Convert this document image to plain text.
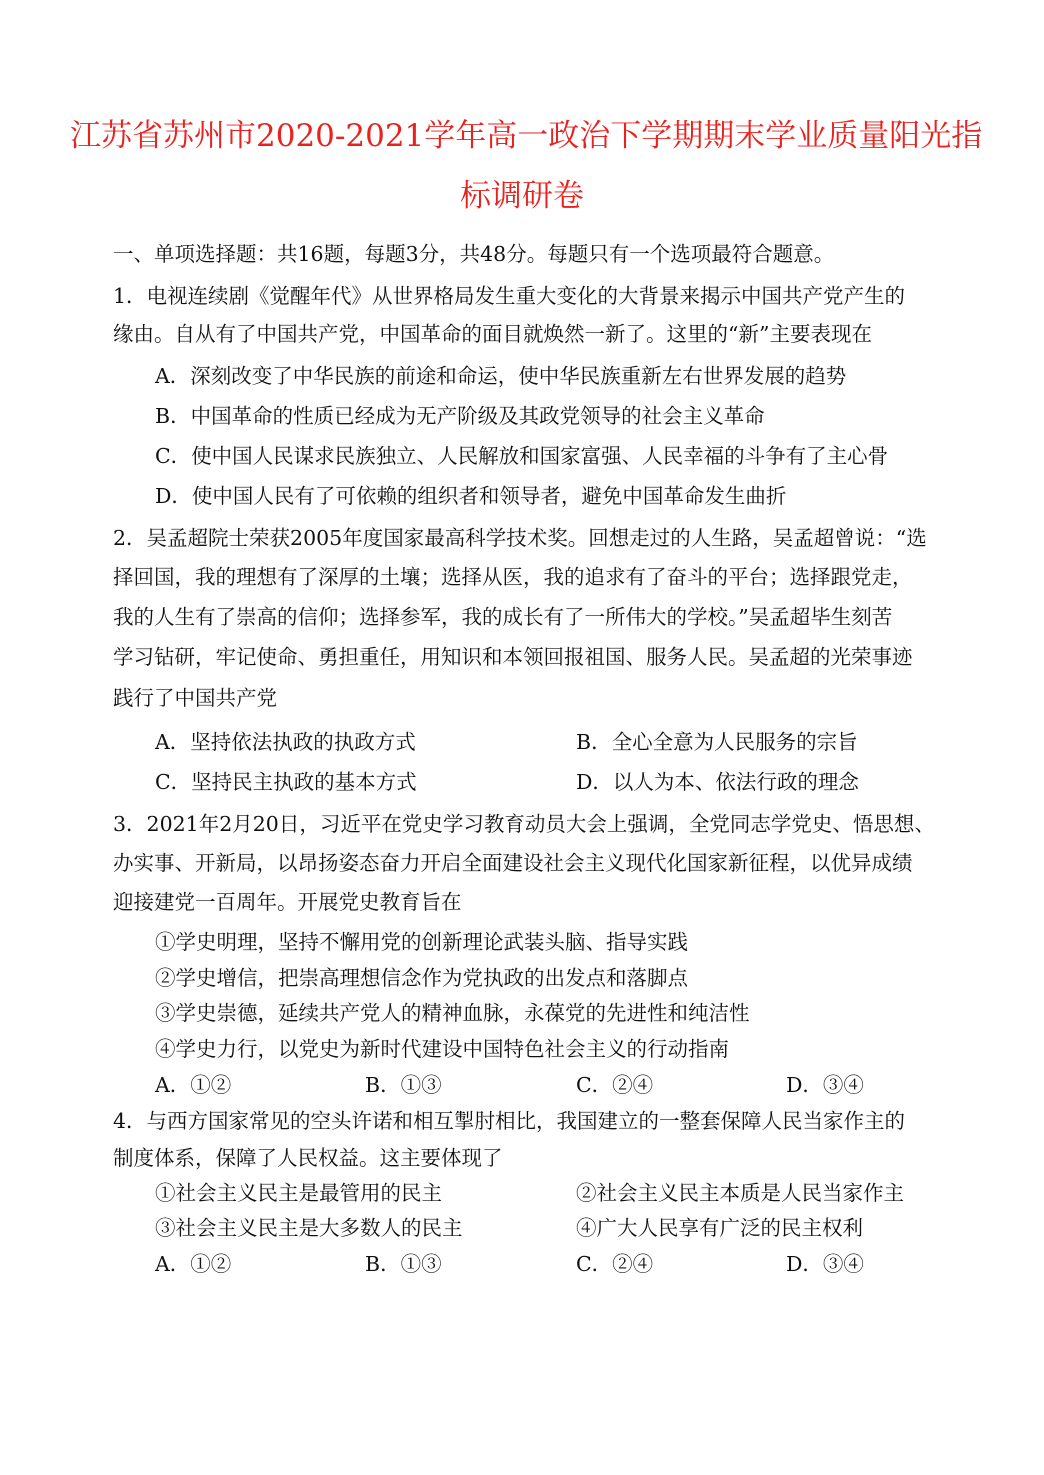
江苏省苏州市2020-2021学年高一政治下学期期末学业质量阳光指
标调研卷
一、单项选择题：共16题，每题3分，共48分。每题只有一个选项最符合题意。
1．电视连续剧《觉醒年代》从世界格局发生重大变化的大背景来揭示中国共产党产生的
缘由。自从有了中国共产党，中国革命的面目就焕然一新了。这里的“新”主要表现在
A．深刻改变了中华民族的前途和命运，使中华民族重新左右世界发展的趋势
B．中国革命的性质已经成为无产阶级及其政党领导的社会主义革命
C．使中国人民谋求民族独立、人民解放和国家富强、人民幸福的斗争有了主心骨
D．使中国人民有了可依赖的组织者和领导者，避免中国革命发生曲折
2．吴孟超院士荣获2005年度国家最高科学技术奖。回想走过的人生路，吴孟超曾说：“选
择回国，我的理想有了深厚的土壤；选择从医，我的追求有了奋斗的平台；选择跟党走，
我的人生有了崇高的信仰；选择参军，我的成长有了一所伟大的学校。”吴孟超毕生刻苦
学习钻研，牢记使命、勇担重任，用知识和本领回报祖国、服务人民。吴孟超的光荣事迹
践行了中国共产党
A．坚持依法执政的执政方式	B．全心全意为人民服务的宗旨
C．坚持民主执政的基本方式	D．以人为本、依法行政的理念
3．2021年2月20日，习近平在党史学习教育动员大会上强调，全党同志学党史、悟思想、
办实事、开新局，以昂扬姿态奋力开启全面建设社会主义现代化国家新征程，以优异成绩
迎接建党一百周年。开展党史教育旨在
①学史明理，坚持不懈用党的创新理论武装头脑、指导实践
②学史增信，把崇高理想信念作为党执政的出发点和落脚点
③学史崇德，延续共产党人的精神血脉，永葆党的先进性和纯洁性
④学史力行，以党史为新时代建设中国特色社会主义的行动指南
A．①②	B．①③	C．②④	D．③④
4．与西方国家常见的空头许诺和相互掣肘相比，我国建立的一整套保障人民当家作主的
制度体系，保障了人民权益。这主要体现了
①社会主义民主是最管用的民主	②社会主义民主本质是人民当家作主
③社会主义民主是大多数人的民主	④广大人民享有广泛的民主权利
A．①②	B．①③	C．②④	D．③④
